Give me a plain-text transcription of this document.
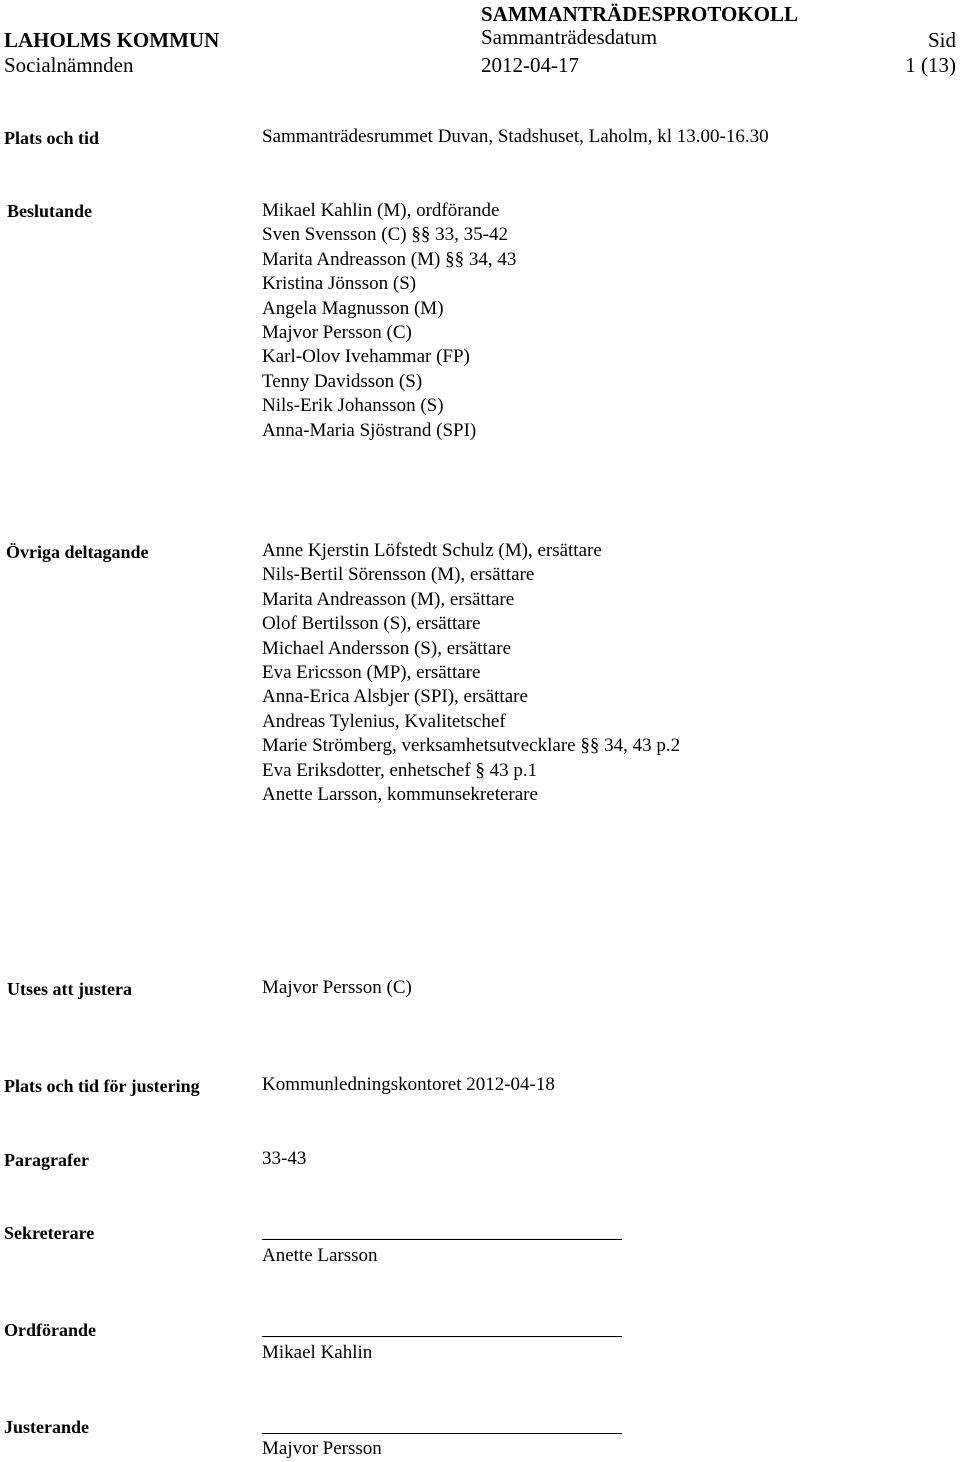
LAHOLMS KOMMUN
Socialnämnden
SAMMANTRÄDESPROTOKOLL
Sammanträdesdatum
2012-04-17
Sid
1 (13)
Plats och tid	Sammanträdesrummet Duvan, Stadshuset, Laholm, kl 13.00-16.30
Beslutande	Mikael Kahlin (M), ordförande
Sven Svensson (C) §§ 33, 35-42
Marita Andreasson (M) §§ 34, 43
Kristina Jönsson (S)
Angela Magnusson (M)
Majvor Persson (C)
Karl-Olov Ivehammar (FP)
Tenny Davidsson (S)
Nils-Erik Johansson (S)
Anna-Maria Sjöstrand (SPI)
Övriga deltagande	Anne Kjerstin Löfstedt Schulz (M), ersättare
Nils-Bertil Sörensson (M), ersättare
Marita Andreasson (M), ersättare
Olof Bertilsson (S), ersättare
Michael Andersson (S), ersättare
Eva Ericsson (MP), ersättare
Anna-Erica Alsbjer (SPI), ersättare
Andreas Tylenius, Kvalitetschef
Marie Strömberg, verksamhetsutvecklare §§ 34, 43 p.2
Eva Eriksdotter, enhetschef § 43 p.1
Anette Larsson, kommunsekreterare
Utses att justera	Majvor Persson (C)
Plats och tid för justering	Kommunledningskontoret 2012-04-18
Paragrafer	33-43
Sekreterare
Anette Larsson
Ordförande
Mikael Kahlin
Justerande
Majvor Persson
